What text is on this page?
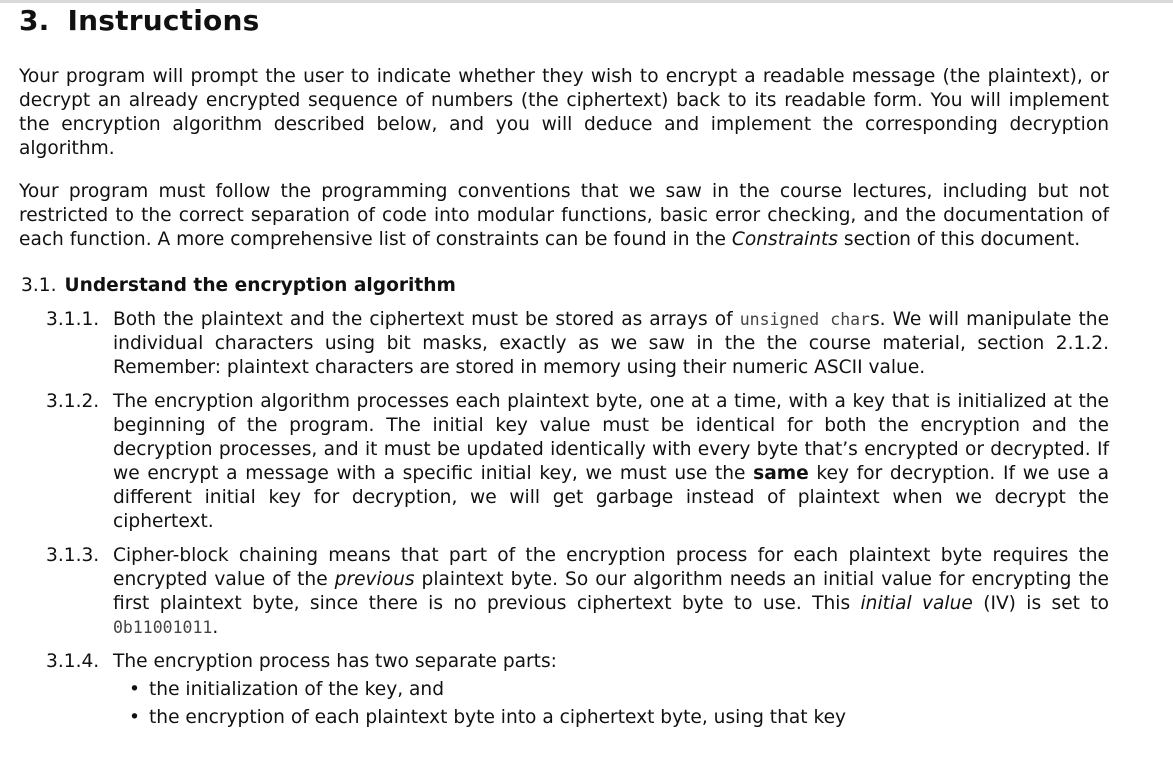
3. Instructions

Your program will prompt the user to indicate whether they wish to encrypt a readable message (the plaintext), or decrypt an already encrypted sequence of numbers (the ciphertext) back to its readable form. You will implement the encryption algorithm described below, and you will deduce and implement the corresponding decryption algorithm.

Your program must follow the programming conventions that we saw in the course lectures, including but not restricted to the correct separation of code into modular functions, basic error checking, and the documentation of each function. A more comprehensive list of constraints can be found in the Constraints section of this document.

3.1. Understand the encryption algorithm
3.1.1. Both the plaintext and the ciphertext must be stored as arrays of unsigned chars. We will manipulate the individual characters using bit masks, exactly as we saw in the the course material, section 2.1.2. Remember: plaintext characters are stored in memory using their numeric ASCII value.
3.1.2. The encryption algorithm processes each plaintext byte, one at a time, with a key that is initialized at the beginning of the program. The initial key value must be identical for both the encryption and the decryption processes, and it must be updated identically with every byte that’s encrypted or decrypted. If we encrypt a message with a specific initial key, we must use the same key for decryption. If we use a different initial key for decryption, we will get garbage instead of plaintext when we decrypt the ciphertext.
3.1.3. Cipher-block chaining means that part of the encryption process for each plaintext byte requires the encrypted value of the previous plaintext byte. So our algorithm needs an initial value for encrypting the first plaintext byte, since there is no previous ciphertext byte to use. This initial value (IV) is set to 0b11001011.
3.1.4. The encryption process has two separate parts:
• the initialization of the key, and
• the encryption of each plaintext byte into a ciphertext byte, using that key
